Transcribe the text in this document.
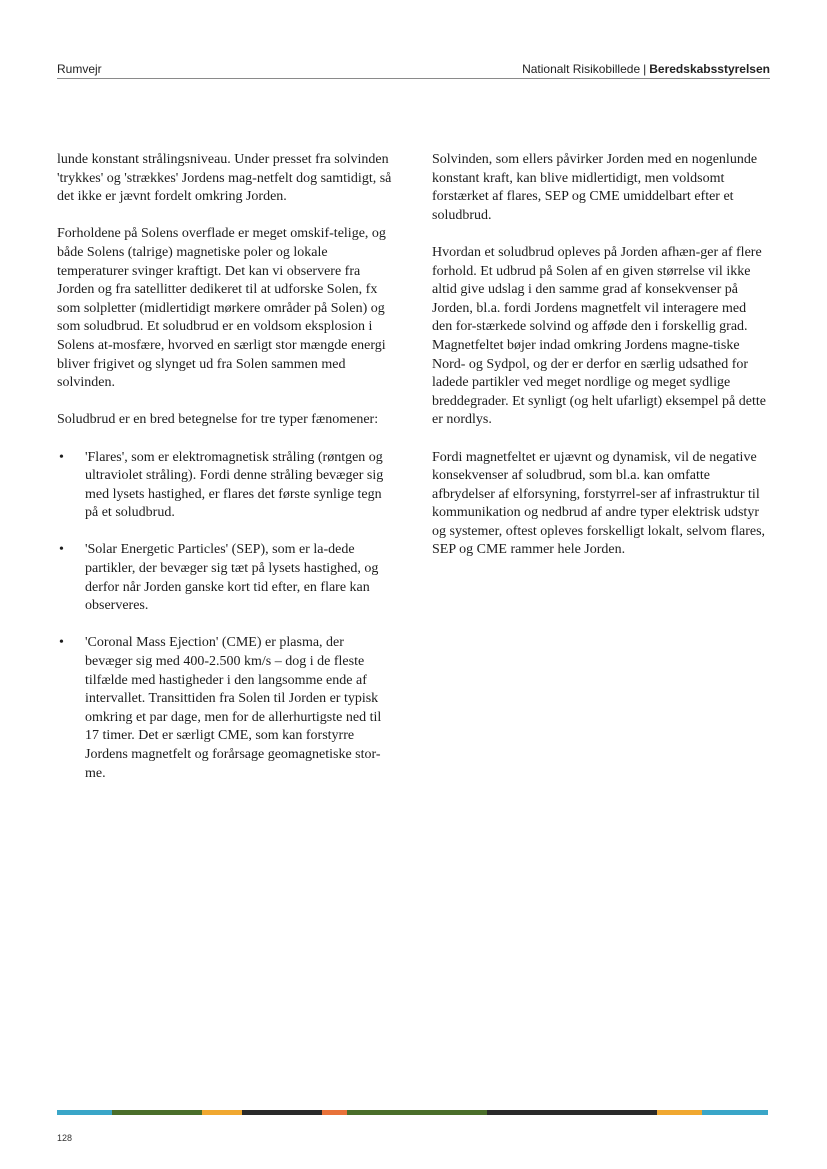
Rumvejr	Nationalt Risikobillede | Beredskabsstyrelsen

lunde konstant strålingsniveau. Under presset fra solvinden 'trykkes' og 'strækkes' Jordens mag-netfelt dog samtidigt, så det ikke er jævnt fordelt omkring Jorden.

Forholdene på Solens overflade er meget omskif-telige, og både Solens (talrige) magnetiske poler og lokale temperaturer svinger kraftigt. Det kan vi observere fra Jorden og fra satellitter dedikeret til at udforske Solen, fx som solpletter (midlertidigt mørkere områder på Solen) og som soludbrud. Et soludbrud er en voldsom eksplosion i Solens at-mosfære, hvorved en særligt stor mængde energi bliver frigivet og slynget ud fra Solen sammen med solvinden.

Soludbrud er en bred betegnelse for tre typer fænomener:

• 'Flares', som er elektromagnetisk stråling (røntgen og ultraviolet stråling). Fordi denne stråling bevæger sig med lysets hastighed, er flares det første synlige tegn på et soludbrud.
• 'Solar Energetic Particles' (SEP), som er la-dede partikler, der bevæger sig tæt på lysets hastighed, og derfor når Jorden ganske kort tid efter, en flare kan observeres.
• 'Coronal Mass Ejection' (CME) er plasma, der bevæger sig med 400-2.500 km/s – dog i de fleste tilfælde med hastigheder i den langsomme ende af intervallet. Transittiden fra Solen til Jorden er typisk omkring et par dage, men for de allerhurtigste ned til 17 timer. Det er særligt CME, som kan forstyrre Jordens magnetfelt og forårsage geomagnetiske stor-me.

Solvinden, som ellers påvirker Jorden med en nogenlunde konstant kraft, kan blive midlertidigt, men voldsomt forstærket af flares, SEP og CME umiddelbart efter et soludbrud.

Hvordan et soludbrud opleves på Jorden afhæn-ger af flere forhold. Et udbrud på Solen af en given størrelse vil ikke altid give udslag i den samme grad af konsekvenser på Jorden, bl.a. fordi Jordens magnetfelt vil interagere med den for-stærkede solvind og afføde den i forskellig grad. Magnetfeltet bøjer indad omkring Jordens magne-tiske Nord- og Sydpol, og der er derfor en særlig udsathed for ladede partikler ved meget nordlige og meget sydlige breddegrader. Et synligt (og helt ufarligt) eksempel på dette er nordlys.

Fordi magnetfeltet er ujævnt og dynamisk, vil de negative konsekvenser af soludbrud, som bl.a. kan omfatte afbrydelser af elforsyning, forstyrrel-ser af infrastruktur til kommunikation og nedbrud af andre typer elektrisk udstyr og systemer, oftest opleves forskelligt lokalt, selvom flares, SEP og CME rammer hele Jorden.

128
